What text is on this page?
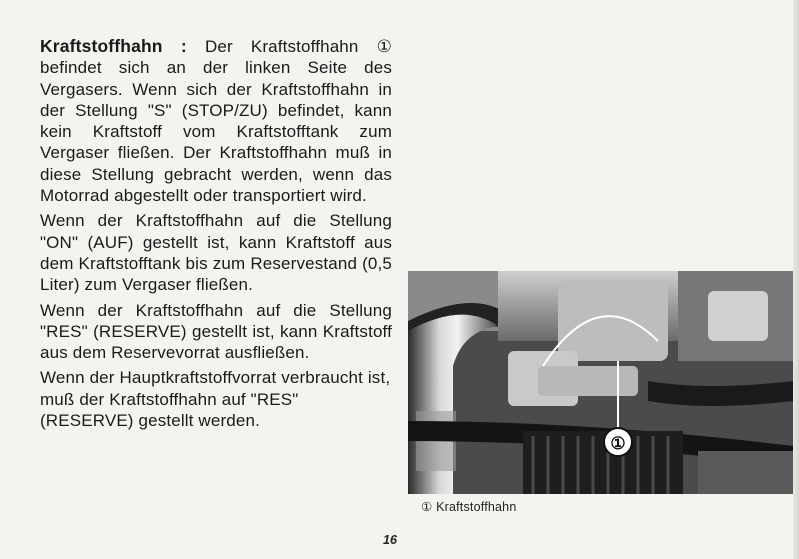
Kraftstoffhahn : Der Kraftstoffhahn ① befindet sich an der linken Seite des Vergasers. Wenn sich der Kraftstoffhahn in der Stellung "S" (STOP/ZU) befindet, kann kein Kraftstoff vom Kraftstofftank zum Vergaser fließen. Der Kraftstoffhahn muß in diese Stellung gebracht werden, wenn das Motorrad abgestellt oder transportiert wird.

Wenn der Kraftstoffhahn auf die Stellung "ON" (AUF) gestellt ist, kann Kraftstoff aus dem Kraftstofftank bis zum Reservestand (0,5 Liter) zum Vergaser fließen.

Wenn der Kraftstoffhahn auf die Stellung "RES" (RESERVE) gestellt ist, kann Kraftstoff aus dem Reservevorrat ausfließen.

Wenn der Hauptkraftstoffvorrat verbraucht ist, muß der Kraftstoffhahn auf "RES" (RESERVE) gestellt werden.

①
① Kraftstoffhahn
16
